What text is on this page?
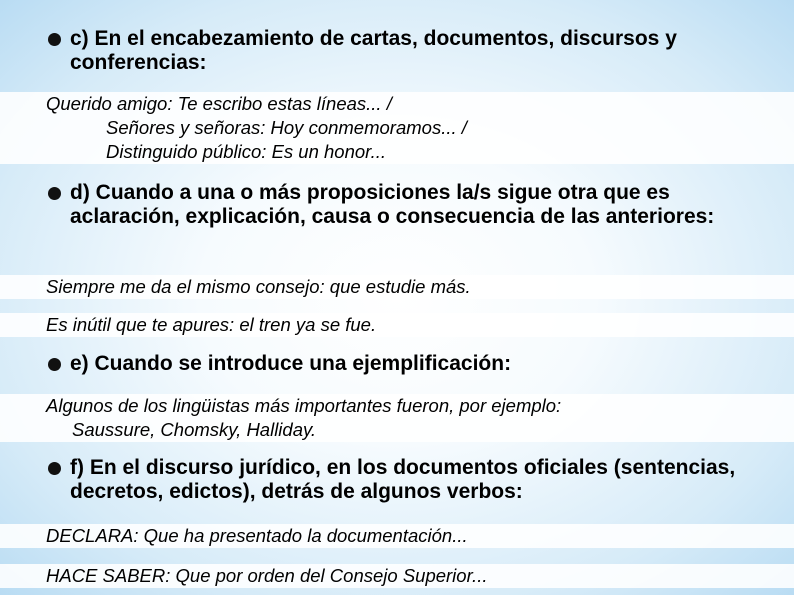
c) En el encabezamiento de cartas, documentos, discursos y conferencias:
Querido amigo: Te escribo estas líneas... /
Señores y señoras: Hoy conmemoramos... /
Distinguido público: Es un honor...
d) Cuando a una o más proposiciones la/s sigue otra que es aclaración, explicación, causa o consecuencia de las anteriores:
Siempre me da el mismo consejo: que estudie más.
Es inútil que te apures: el tren ya se fue.
e) Cuando se introduce una ejemplificación:
Algunos de los lingüistas más importantes fueron, por ejemplo:
Saussure, Chomsky, Halliday.
f) En el discurso jurídico, en los documentos oficiales (sentencias, decretos, edictos), detrás de algunos verbos:
DECLARA: Que ha presentado la documentación...
HACE SABER: Que por orden del Consejo Superior...
